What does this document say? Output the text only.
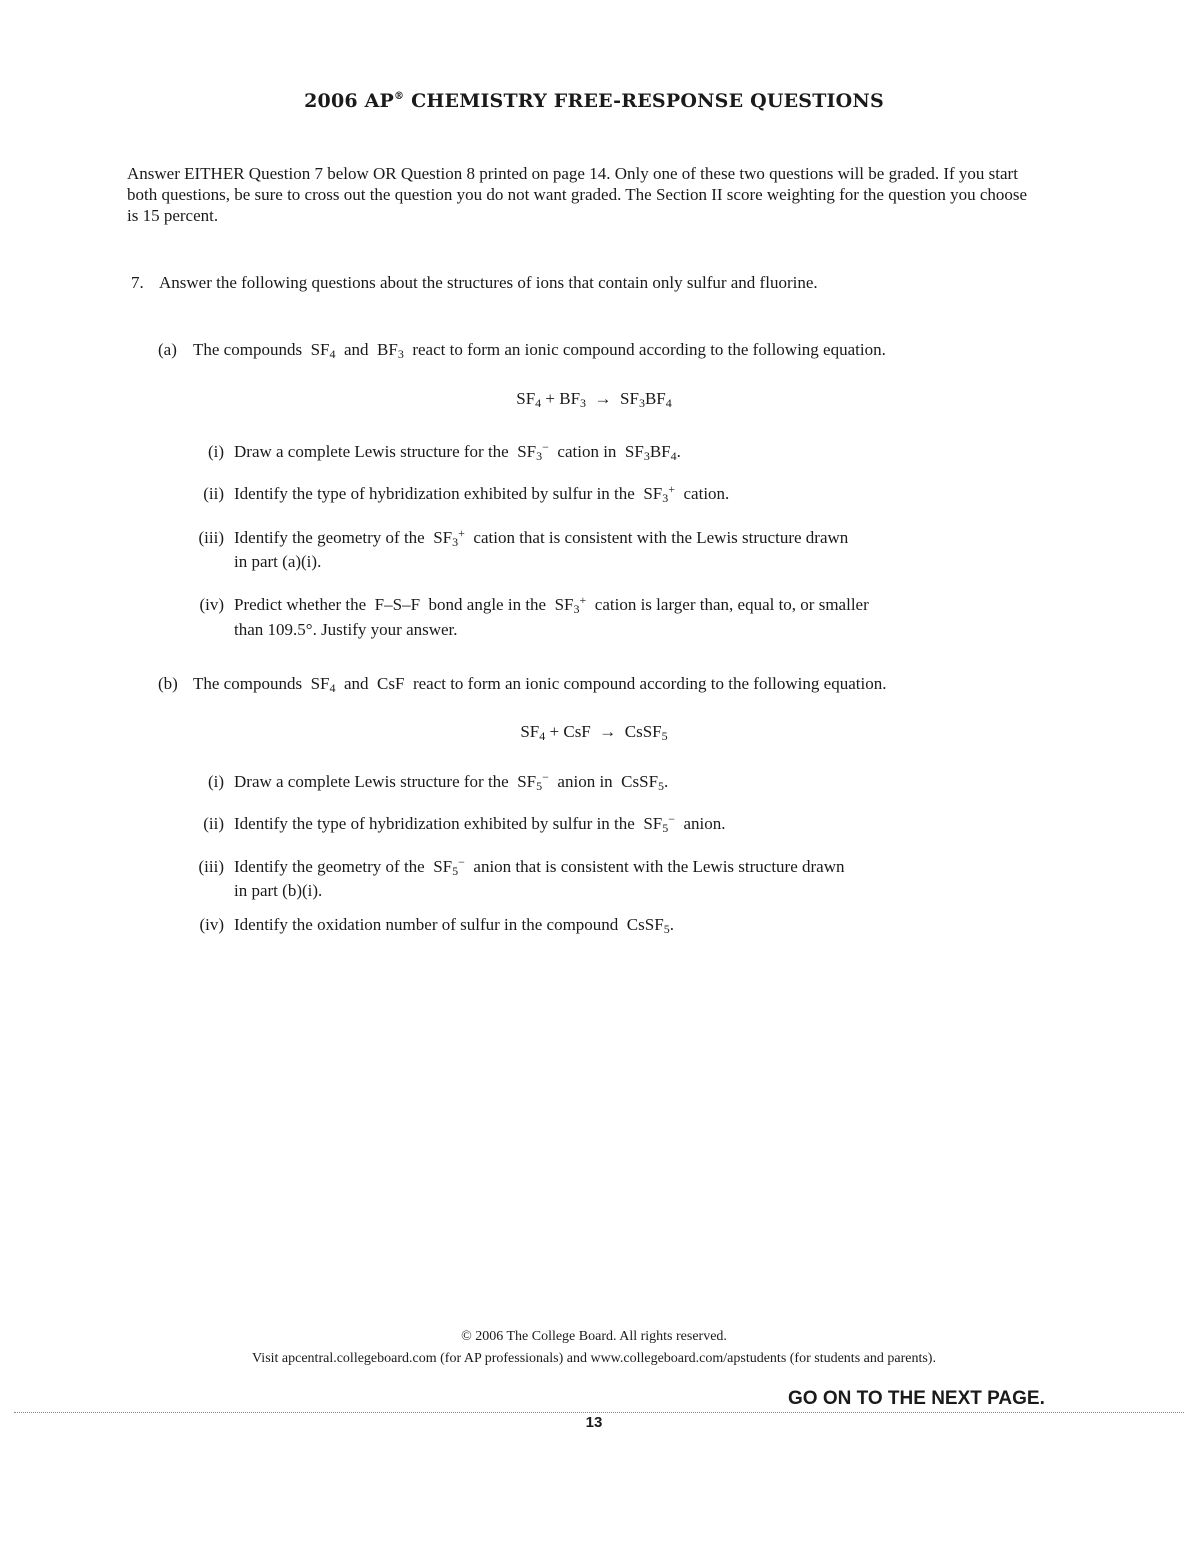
2006 AP® CHEMISTRY FREE-RESPONSE QUESTIONS
Answer EITHER Question 7 below OR Question 8 printed on page 14. Only one of these two questions will be graded. If you start both questions, be sure to cross out the question you do not want graded. The Section II score weighting for the question you choose is 15 percent.
7. Answer the following questions about the structures of ions that contain only sulfur and fluorine.
(a) The compounds  $SF_4$  and  $BF_3$  react to form an ionic compound according to the following equation.
$SF_4 + BF_3 \to SF_3BF_4$
(i) Draw a complete Lewis structure for the  $SF_3^-$  cation in  $SF_3BF_4$.
(ii) Identify the type of hybridization exhibited by sulfur in the  $SF_3^+$  cation.
(iii) Identify the geometry of the  $SF_3^+$  cation that is consistent with the Lewis structure drawn
in part (a)(i).
(iv) Predict whether the  F–S–F  bond angle in the  $SF_3^+$  cation is larger than, equal to, or smaller
than 109.5°. Justify your answer.
(b) The compounds  $SF_4$  and  CsF  react to form an ionic compound according to the following equation.
$SF_4$ + CsF  →  CsSF$_5$
(i) Draw a complete Lewis structure for the  $SF_5^-$  anion in  CsSF$_5$.
(ii) Identify the type of hybridization exhibited by sulfur in the  $SF_5^-$  anion.
(iii) Identify the geometry of the  $SF_5^-$  anion that is consistent with the Lewis structure drawn
in part (b)(i).
(iv) Identify the oxidation number of sulfur in the compound  CsSF$_5$.
© 2006 The College Board. All rights reserved.
Visit apcentral.collegeboard.com (for AP professionals) and www.collegeboard.com/apstudents (for students and parents).
GO ON TO THE NEXT PAGE.
13
